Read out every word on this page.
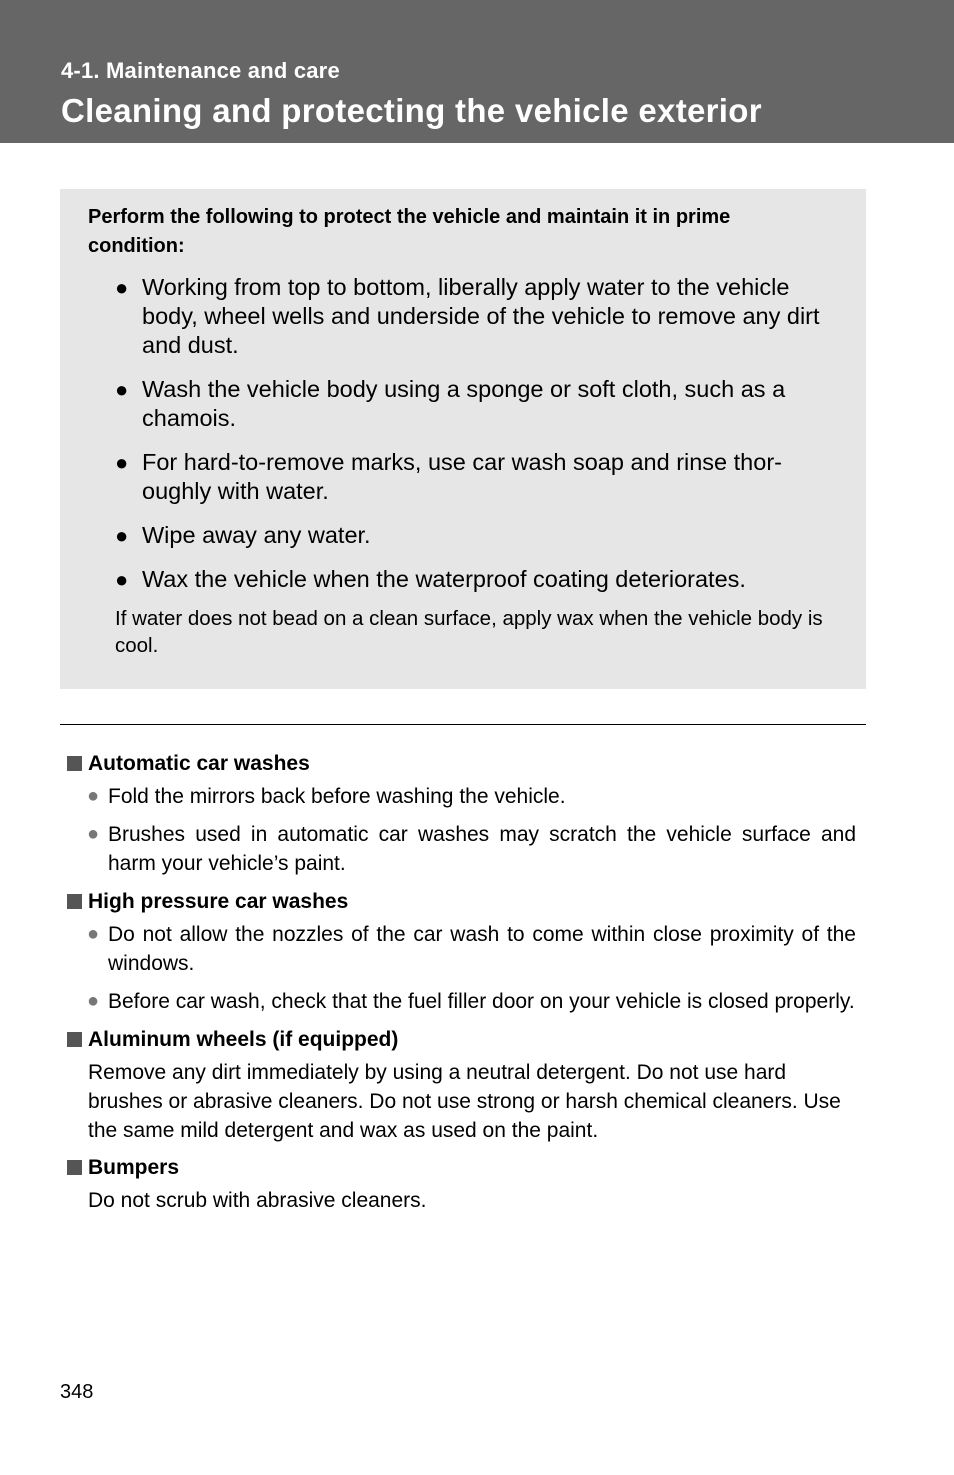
4-1. Maintenance and care
Cleaning and protecting the vehicle exterior

Perform the following to protect the vehicle and maintain it in prime condition:

● Working from top to bottom, liberally apply water to the vehicle body, wheel wells and underside of the vehicle to remove any dirt and dust.
● Wash the vehicle body using a sponge or soft cloth, such as a chamois.
● For hard-to-remove marks, use car wash soap and rinse thor-oughly with water.
● Wipe away any water.
● Wax the vehicle when the waterproof coating deteriorates.

If water does not bead on a clean surface, apply wax when the vehicle body is cool.

Automatic car washes
● Fold the mirrors back before washing the vehicle.
● Brushes used in automatic car washes may scratch the vehicle surface and harm your vehicle’s paint.
High pressure car washes
● Do not allow the nozzles of the car wash to come within close proximity of the windows.
● Before car wash, check that the fuel filler door on your vehicle is closed properly.
Aluminum wheels (if equipped)

Remove any dirt immediately by using a neutral detergent. Do not use hard brushes or abrasive cleaners. Do not use strong or harsh chemical cleaners. Use the same mild detergent and wax as used on the paint.

Bumpers

Do not scrub with abrasive cleaners.

348
